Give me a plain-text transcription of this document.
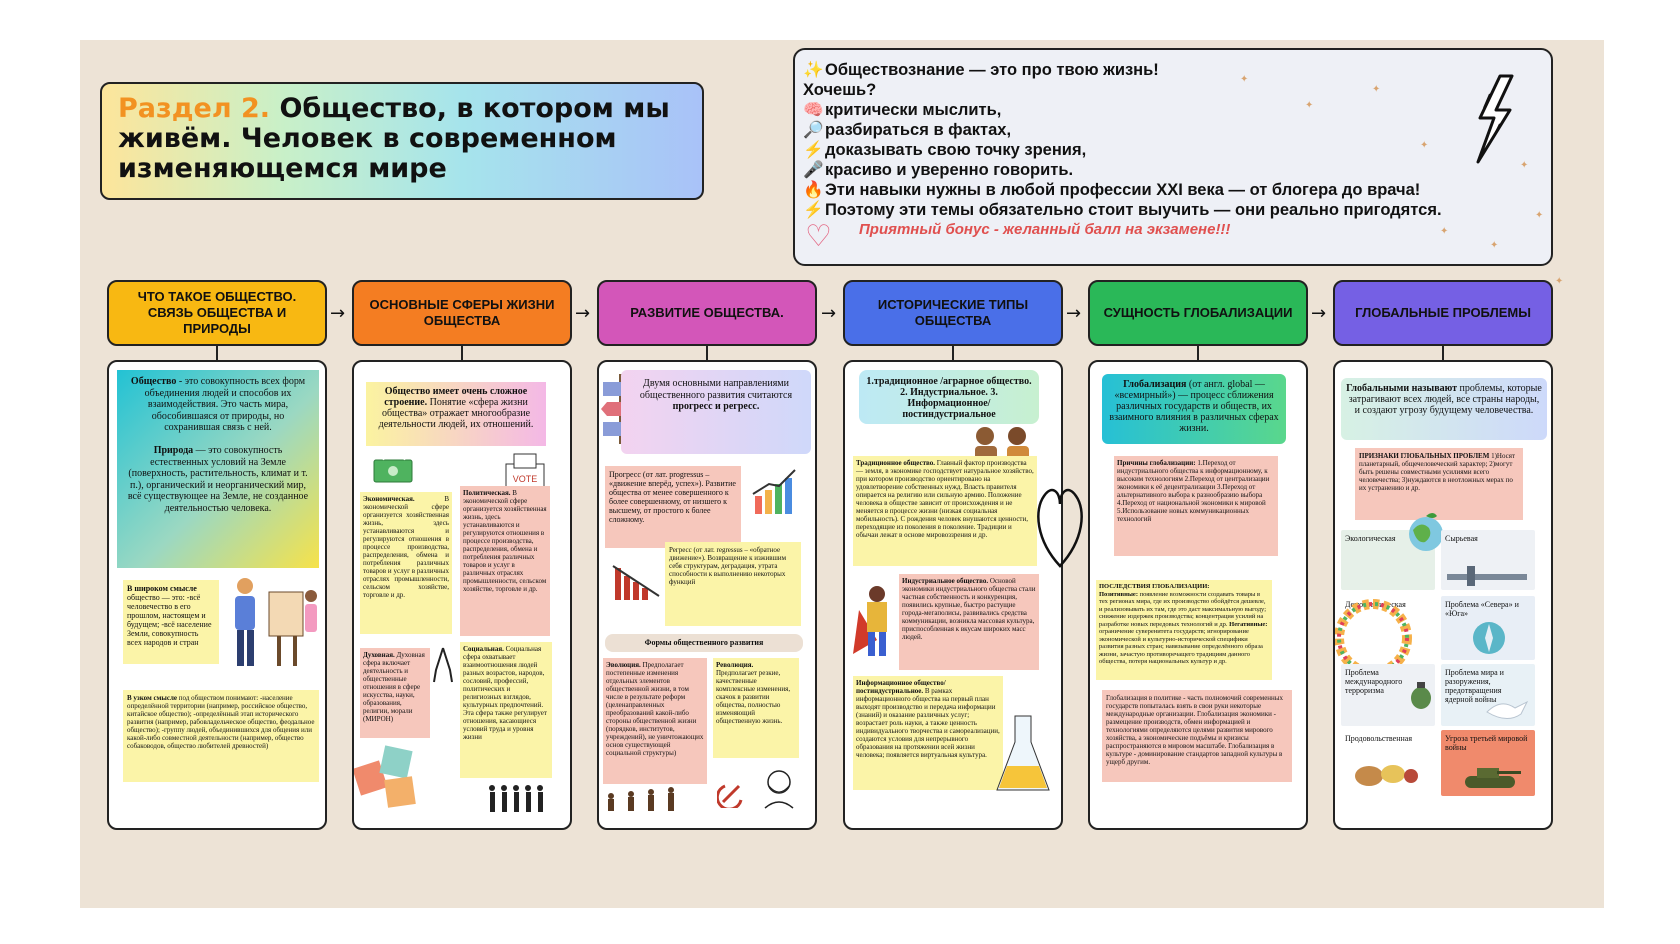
Раздел 2. Общество, в котором мы живём. Человек в современном изменяющемся мире
✨Обществознание — это про твою жизнь!
Хочешь?
🧠критически мыслить,
🔎разбираться в фактах,
⚡доказывать свою точку зрения,
🎤красиво и уверенно говорить.
🔥Эти навыки нужны в любой профессии XXI века — от блогера до врача!
⚡Поэтому эти темы обязательно стоит выучить — они реально пригодятся.
Приятный бонус - желанный балл на экзамене!!!
♡
✦
✦
✦
✦
✦
✦
✦
✦
✦
ЧТО ТАКОЕ ОБЩЕСТВО. СВЯЗЬ ОБЩЕСТВА И ПРИРОДЫ
ОСНОВНЫЕ СФЕРЫ ЖИЗНИ ОБЩЕСТВА
РАЗВИТИЕ ОБЩЕСТВА.
ИСТОРИЧЕСКИЕ ТИПЫ ОБЩЕСТВА
СУЩНОСТЬ ГЛОБАЛИЗАЦИИ	ГЛОБАЛЬНЫЕ ПРОБЛЕМЫ
→	→	→	→	→
Общество - это совокупность всех форм объединения людей и способов их взаимодействия. Это часть мира, обособившаяся от природы, но сохранившая связь с ней.

Природа — это совокупность естественных условий на Земле (поверхность, растительность, климат и т. п.), органический и неорганический мир, всё существующее на Земле, не созданное деятельностью человека.
В широком смысле общество — это: -всё человечество в его прошлом, настоящем и будущем; -всё население Земли, совокупность всех народов и стран
В узком смысле под обществом понимают: -население определённой территории (например, российское общество, китайское общество); -определённый этап исторического развития (например, рабовладельческое общество, феодальное общество); -группу людей, объединившихся для общения или какой-либо совместной деятельности (например, общество собаководов, общество любителей древностей)
Общество имеет очень сложное строение. Понятие «сфера жизни общества» отражает многообразие деятельности людей, их отношений.
VOTE
Экономическая.	В экономической сфере организуется хозяйственная жизнь, здесь устанавливаются и регулируются отношения в процессе производства, распределения, обмена и потребления различных товаров и услуг в различных отраслях промышленности, сельском хозяйстве, торговле и др.
Политическая. В экономической сфере организуется хозяйственная жизнь, здесь устанавливаются и регулируются отношения в процессе производства, распределения, обмена и потребления различных товаров и услуг в различных отраслях промышленности, сельском хозяйстве, торговле и др.
Духовная. Духовная сфера включает деятельность и общественные отношения в сфере искусства, науки, образования, религии, морали (МИРОН)
Социальная. Социальная сфера охватывает взаимоотношения людей разных возрастов, народов, сословий, профессий, политических и религиозных взглядов, культурных предпочтений. Эта сфера также регулирует отношения, касающиеся условий труда и уровня жизни
Двумя основными направлениями общественного развития считаются прогресс и регресс.
Прогресс (от лат. progressus – «движение вперёд, успех»). Развитие общества от менее совершенного к более совершенному, от низшего к высшему, от простого к более сложному.
Регресс (от лат. regressus – «обратное движение»). Возвращение к изжившим себя структурам, деградация, утрата способности к выполнению некоторых функций
Формы общественного развития
Эволюция. Предполагает постепенные изменения отдельных элементов общественной жизни, в том числе в результате реформ (целенаправленных преобразований какой-либо стороны общественной жизни (порядков, институтов, учреждений), не уничтожающих основ существующей социальной структуры)
Революция. Предполагает резкие, качественные комплексные изменения, скачок в развитии общества, полностью изменяющий общественную жизнь.
1.традиционное /аграрное общество. 2. Индустриальное. 3. Информационное/ постиндустриальное
Традиционное общество. Главный фактор производства — земля, в экономике господствует натуральное хозяйство, при котором производство ориентировано на удовлетворение собственных нужд. Власть правителя опирается на религию или сильную армию. Положение человека в обществе зависит от происхождения и не меняется в процессе жизни (низкая социальная мобильность). С рождения человек внушаются ценности, переходящие из поколения в поколение. Традиции и обычаи лежат в основе мировоззрения и др.
Индустриальное общество. Основой экономики индустриального общества стали частная собственность и конкуренция, появились крупные, быстро растущие города-мегаполисы, развивались средства коммуникации, возникла массовая культура, приспособленная к вкусам широких масс людей.
Информационное общество/ постиндустриальное. В рамках информационного общества на первый план выходят производство и передача информации (знаний) и оказание различных услуг; возрастает роль науки, а также ценность индивидуального творчества и самореализации, создаются условия для непрерывного образования на протяжении всей жизни человека; появляется виртуальная культура.
Глобализация (от англ. global — «всемирный») — процесс сближения различных государств и обществ, их взаимного влияния в различных сферах жизни.
Причины глобализации: 1.Переход от индустриального общества к информационному, к высоким технологиям 2.Переход от централизации экономики к её децентрализации 3.Переход от альтернативного выбора к разнообразию выбора 4.Переход от национальной экономики к мировой 5.Использование новых коммуникационных технологий
ПОСЛЕДСТВИЯ ГЛОБАЛИЗАЦИИ:
Позитивные: появление возможности создавать товары в тех регионах мира, где их производство обойдётся дешевле, и реализовывать их там, где это даст максимальную выгоду; снижение издержек производства; концентрация усилий на разработке новых передовых технологий и др. Негативные: ограничение суверенитета государств; игнорирование экономической и культурно-исторической специфики развития разных стран; навязывание определённого образа жизни, зачастую противоречащего традициям данного общества, потеря национальных культур и др.
Глобализация в политике - часть полномочий современных государств попыталась взять в свои руки некоторые международные организации. Глобализация экономики - размещение производств, обмен информацией и технологиями определяются целями развития мирового хозяйства, а экономические подъёмы и кризисы распространяются в мировом масштабе. Глобализация в культуре - доминирование стандартов западной культуры в ущерб другим.
Глобальными называют проблемы, которые затрагивают всех людей, все страны народы, и создают угрозу будущему человечества.
ПРИЗНАКИ ГЛОБАЛЬНЫХ ПРОБЛЕМ 1)Носят планетарный, общечеловеческий характер; 2)могут быть решены совместными усилиями всего человечества; 3)нуждаются в неотложных мерах по их устранению и др.
Экологическая	Сырьевая
Демографическая	Проблема «Севера» и «Юга»
Проблема международного терроризма
Проблема мира и разоружения, предотвращения ядерной войны
Продовольственная	Угроза третьей мировой войны
